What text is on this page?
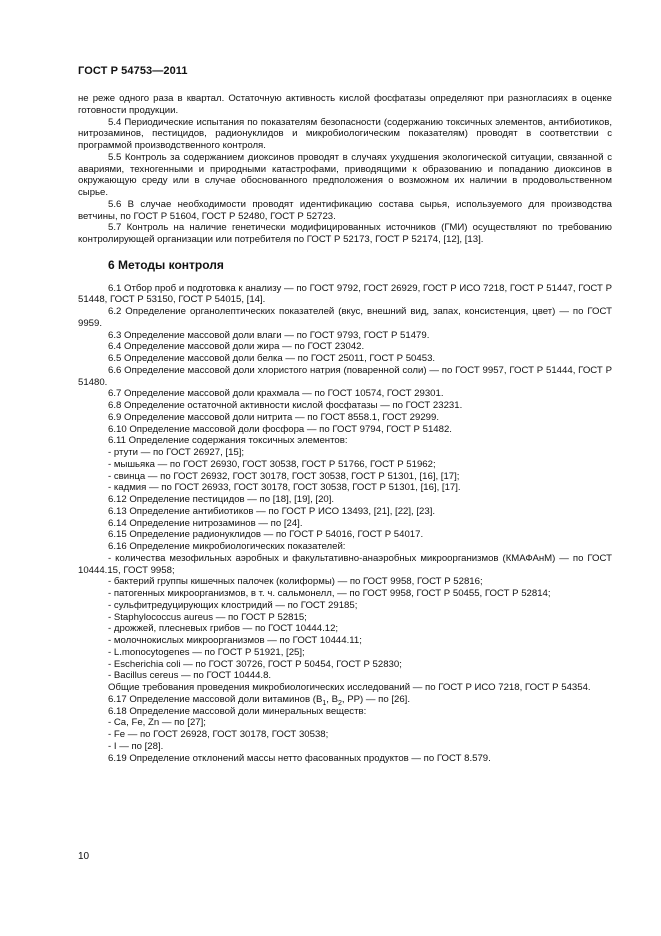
ГОСТ Р 54753—2011

не реже одного раза в квартал. Остаточную активность кислой фосфатазы определяют при разногласиях в оценке готовности продукции.

5.4 Периодические испытания по показателям безопасности (содержанию токсичных элементов, антибиотиков, нитрозаминов, пестицидов, радионуклидов и микробиологическим показателям) проводят в соответствии с программой производственного контроля.

5.5 Контроль за содержанием диоксинов проводят в случаях ухудшения экологической ситуации, связанной с авариями, техногенными и природными катастрофами, приводящими к образованию и попаданию диоксинов в окружающую среду или в случае обоснованного предположения о возможном их наличии в продовольственном сырье.

5.6 В случае необходимости проводят идентификацию состава сырья, используемого для производства ветчины, по ГОСТ Р 51604, ГОСТ Р 52480, ГОСТ Р 52723.

5.7 Контроль на наличие генетически модифицированных источников (ГМИ) осуществляют по требованию контролирующей организации или потребителя по ГОСТ Р 52173, ГОСТ Р 52174, [12], [13].

6 Методы контроля

6.1 Отбор проб и подготовка к анализу — по ГОСТ 9792, ГОСТ 26929, ГОСТ Р ИСО 7218, ГОСТ Р 51447, ГОСТ Р 51448, ГОСТ Р 53150, ГОСТ Р 54015, [14].

6.2 Определение органолептических показателей (вкус, внешний вид, запах, консистенция, цвет) — по ГОСТ 9959.

6.3 Определение массовой доли влаги — по ГОСТ 9793, ГОСТ Р 51479.

6.4 Определение массовой доли жира — по ГОСТ 23042.

6.5 Определение массовой доли белка — по ГОСТ 25011, ГОСТ Р 50453.

6.6 Определение массовой доли хлористого натрия (поваренной соли) — по ГОСТ 9957, ГОСТ Р 51444, ГОСТ Р 51480.

6.7 Определение массовой доли крахмала — по ГОСТ 10574, ГОСТ 29301.

6.8 Определение остаточной активности кислой фосфатазы — по ГОСТ 23231.

6.9 Определение массовой доли нитрита — по ГОСТ 8558.1, ГОСТ 29299.

6.10 Определение массовой доли фосфора — по ГОСТ 9794, ГОСТ Р 51482.

6.11 Определение содержания токсичных элементов:

- ртути — по ГОСТ 26927, [15];

- мышьяка — по ГОСТ 26930, ГОСТ 30538, ГОСТ Р 51766, ГОСТ Р 51962;

- свинца — по ГОСТ 26932, ГОСТ 30178, ГОСТ 30538, ГОСТ Р 51301, [16], [17];

- кадмия — по ГОСТ 26933, ГОСТ 30178, ГОСТ 30538, ГОСТ Р 51301, [16], [17].

6.12 Определение пестицидов — по [18], [19], [20].

6.13 Определение антибиотиков — по ГОСТ Р ИСО 13493, [21], [22], [23].

6.14 Определение нитрозаминов — по [24].

6.15 Определение радионуклидов — по ГОСТ Р 54016, ГОСТ Р 54017.

6.16 Определение микробиологических показателей:

- количества мезофильных аэробных и факультативно-анаэробных микроорганизмов (КМАФАнМ) — по ГОСТ 10444.15, ГОСТ 9958;

- бактерий группы кишечных палочек (колиформы) — по ГОСТ 9958, ГОСТ Р 52816;

- патогенных микроорганизмов, в т. ч. сальмонелл, — по ГОСТ 9958, ГОСТ Р 50455, ГОСТ Р 52814;

- сульфитредуцирующих клостридий — по ГОСТ 29185;

- Staphylococcus aureus — по ГОСТ Р 52815;

- дрожжей, плесневых грибов — по ГОСТ 10444.12;

- молочнокислых микроорганизмов — по ГОСТ 10444.11;

- L.monocytogenes — по ГОСТ Р 51921, [25];

- Escherichia coli — по ГОСТ 30726, ГОСТ Р 50454, ГОСТ Р 52830;

- Bacillus cereus — по ГОСТ 10444.8.

Общие требования проведения микробиологических исследований — по ГОСТ Р ИСО 7218, ГОСТ Р 54354.

6.17 Определение массовой доли витаминов ($B_1$, $B_2$, РР) — по [26].

6.18 Определение массовой доли минеральных веществ:

- Ca, Fe, Zn — по [27];

- Fe — по ГОСТ 26928, ГОСТ 30178, ГОСТ 30538;

- I — по [28].

6.19 Определение отклонений массы нетто фасованных продуктов — по ГОСТ 8.579.

10
